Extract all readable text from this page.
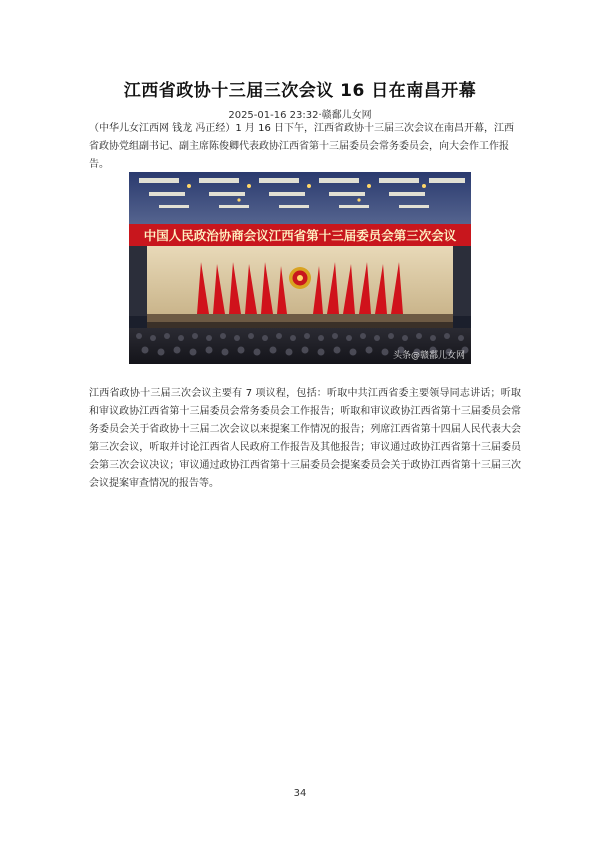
江西省政协十三届三次会议 16 日在南昌开幕
2025-01-16 23:32·赣鄱儿女网
（中华儿女江西网 钱龙 冯正经）1 月 16 日下午，江西省政协十三届三次会议在南昌开幕，江西省政协党组副书记、副主席陈俊卿代表政协江西省第十三届委员会常务委员会，向大会作工作报告。
中国人民政治协商会议江西省第十三届委员会第三次会议
头条@赣鄱儿女网
江西省政协十三届三次会议主要有 7 项议程，包括：听取中共江西省委主要领导同志讲话；听取和审议政协江西省第十三届委员会常务委员会工作报告；听取和审议政协江西省第十三届委员会常务委员会关于省政协十三届二次会议以来提案工作情况的报告；列席江西省第十四届人民代表大会第三次会议，听取并讨论江西省人民政府工作报告及其他报告；审议通过政协江西省第十三届委员会第三次会议决议；审议通过政协江西省第十三届委员会提案委员会关于政协江西省第十三届三次会议提案审查情况的报告等。
34
